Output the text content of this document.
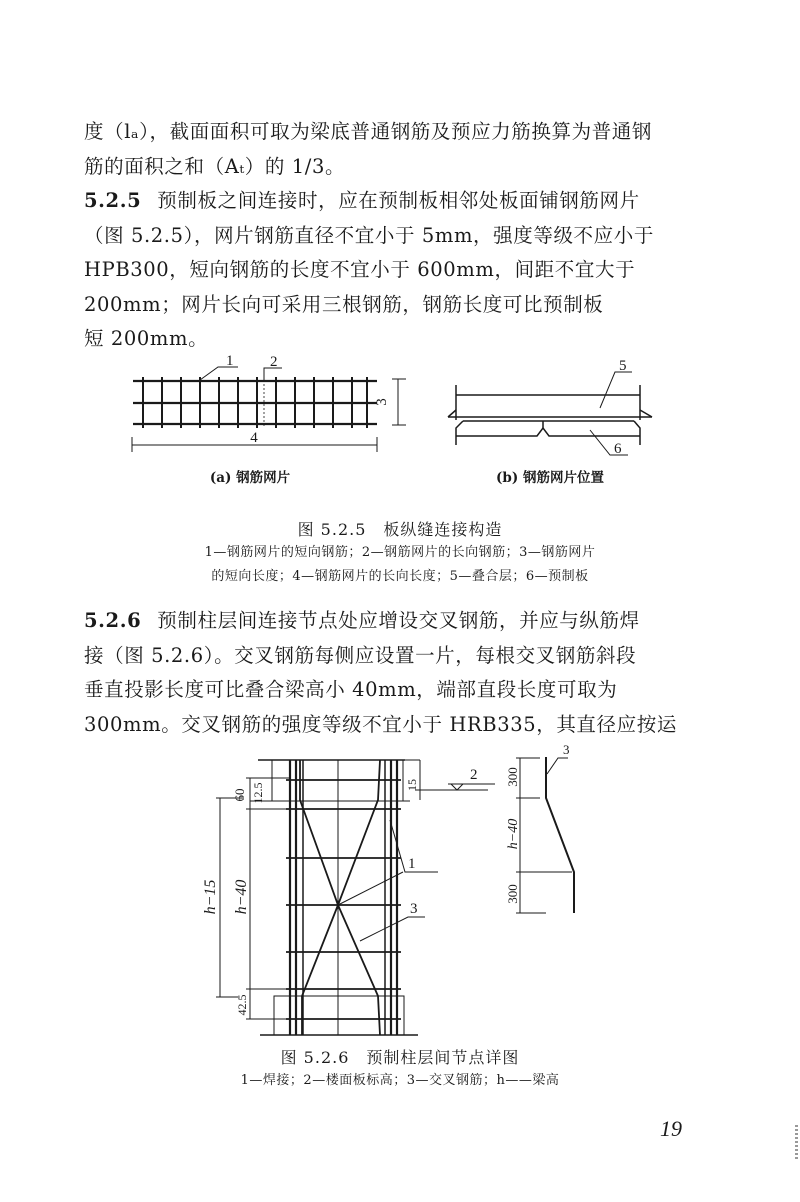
度（lₐ），截面面积可取为梁底普通钢筋及预应力筋换算为普通钢
筋的面积之和（Aₜ）的 1/3。
5.2.5 预制板之间连接时，应在预制板相邻处板面铺钢筋网片
（图 5.2.5），网片钢筋直径不宜小于 5mm，强度等级不应小于
HPB300，短向钢筋的长度不宜小于 600mm，间距不宜大于
200mm；网片长向可采用三根钢筋，钢筋长度可比预制板
短 200mm。
1 2
3
4
5
6
(a) 钢筋网片	(b) 钢筋网片位置
图 5.2.5　板纵缝连接构造
1—钢筋网片的短向钢筋；2—钢筋网片的长向钢筋；3—钢筋网片
的短向长度；4—钢筋网片的长向长度；5—叠合层；6—预制板
5.2.6 预制柱层间连接节点处应增设交叉钢筋，并应与纵筋焊
接（图 5.2.6）。交叉钢筋每侧应设置一片，每根交叉钢筋斜段
垂直投影长度可比叠合梁高小 40mm，端部直段长度可取为
300mm。交叉钢筋的强度等级不宜小于 HRB335，其直径应按运
60 12.5	15
h−15 h−40
42.5
300
h−40
300
1
2
3
3
图 5.2.6　预制柱层间节点详图
1—焊接；2—楼面板标高；3—交叉钢筋；h——梁高
19
